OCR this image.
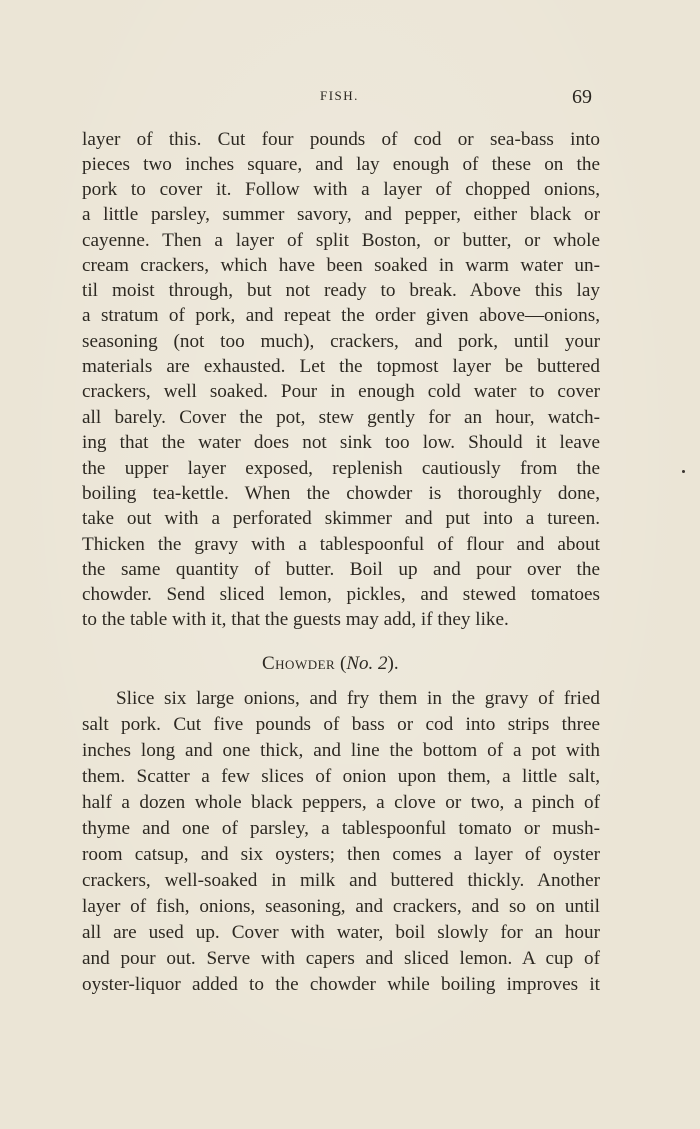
FISH.	69
layer of this. Cut four pounds of cod or sea-bass into
pieces two inches square, and lay enough of these on the
pork to cover it. Follow with a layer of chopped onions,
a little parsley, summer savory, and pepper, either black or
cayenne. Then a layer of split Boston, or butter, or whole
cream crackers, which have been soaked in warm water un-
til moist through, but not ready to break. Above this lay
a stratum of pork, and repeat the order given above—onions,
seasoning (not too much), crackers, and pork, until your
materials are exhausted. Let the topmost layer be buttered
crackers, well soaked. Pour in enough cold water to cover
all barely. Cover the pot, stew gently for an hour, watch-
ing that the water does not sink too low. Should it leave
the upper layer exposed, replenish cautiously from the
boiling tea-kettle. When the chowder is thoroughly done,
take out with a perforated skimmer and put into a tureen.
Thicken the gravy with a tablespoonful of flour and about
the same quantity of butter. Boil up and pour over the
chowder. Send sliced lemon, pickles, and stewed tomatoes
to the table with it, that the guests may add, if they like.
Chowder (No. 2).
Slice six large onions, and fry them in the gravy of fried
salt pork. Cut five pounds of bass or cod into strips three
inches long and one thick, and line the bottom of a pot with
them. Scatter a few slices of onion upon them, a little salt,
half a dozen whole black peppers, a clove or two, a pinch of
thyme and one of parsley, a tablespoonful tomato or mush-
room catsup, and six oysters; then comes a layer of oyster
crackers, well-soaked in milk and buttered thickly. Another
layer of fish, onions, seasoning, and crackers, and so on until
all are used up. Cover with water, boil slowly for an hour
and pour out. Serve with capers and sliced lemon. A cup of
oyster-liquor added to the chowder while boiling improves it
